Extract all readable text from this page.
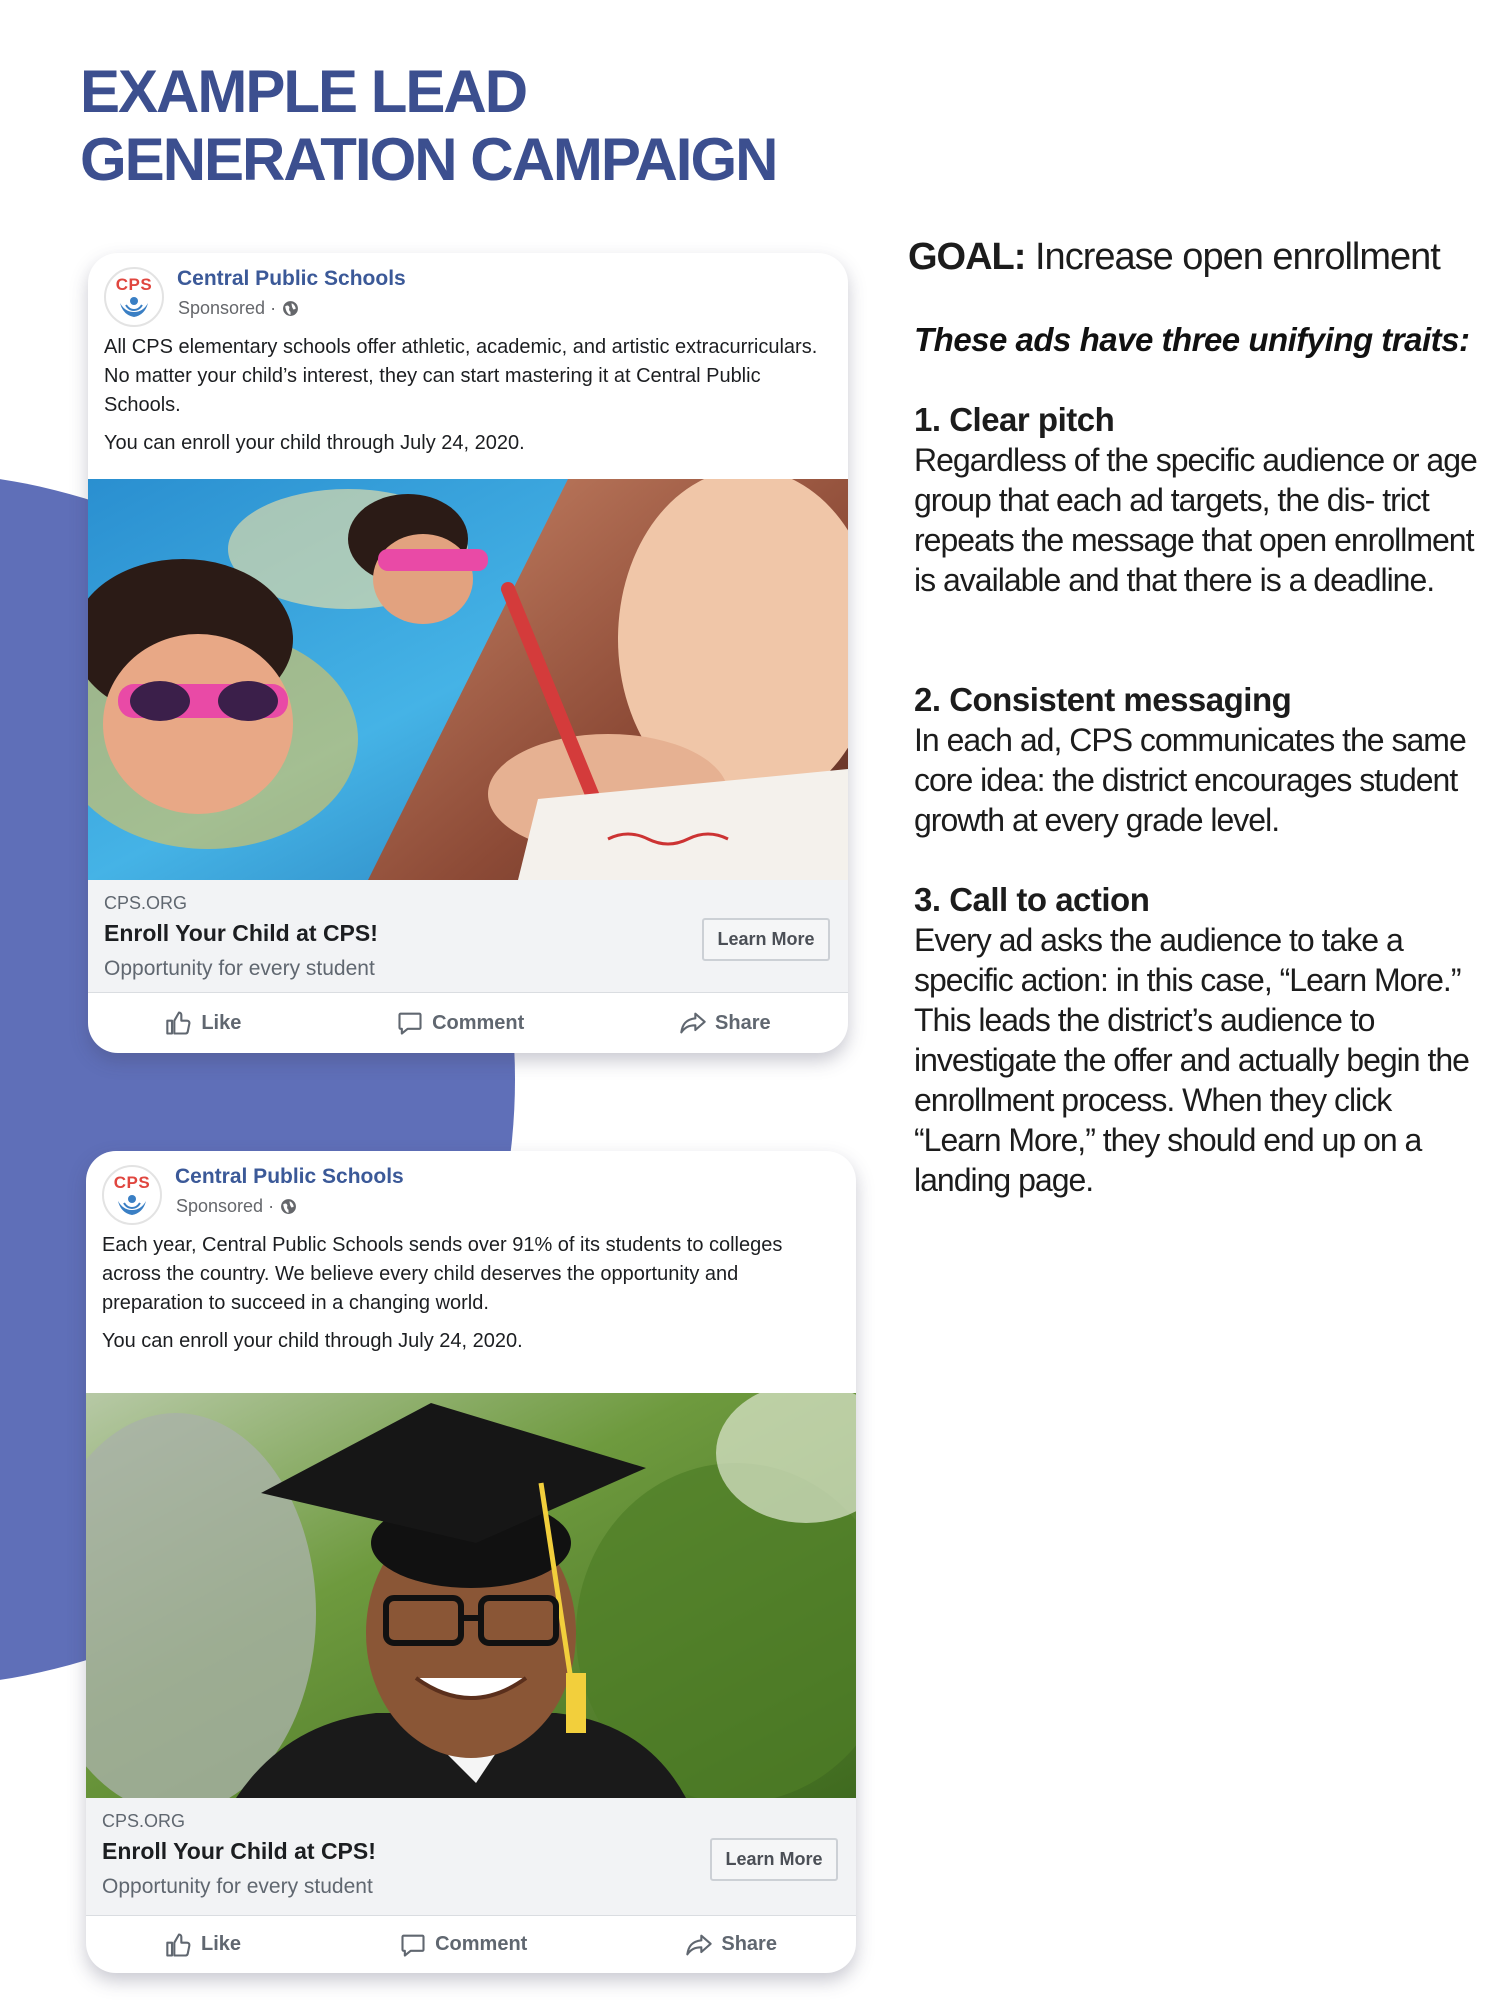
EXAMPLE LEAD
GENERATION CAMPAIGN
CPS Central Public Schools
Sponsored ·

All CPS elementary schools offer athletic, academic, and artistic extracurriculars. No matter your child’s interest, they can start mastering it at Central Public Schools.

You can enroll your child through July 24, 2020.

CPS.ORG
Enroll Your Child at CPS!
Opportunity for every student
Learn More
Like	Comment	Share
CPS Central Public Schools
Sponsored ·

Each year, Central Public Schools sends over 91% of its students to colleges across the country. We believe every child deserves the opportunity and preparation to succeed in a changing world.

You can enroll your child through July 24, 2020.

CPS.ORG
Enroll Your Child at CPS!
Opportunity for every student
Learn More
Like	Comment	Share
GOAL: Increase open enrollment
These ads have three unifying traits:
1. Clear pitch
Regardless of the specific audience or age group that each ad targets, the dis- trict repeats the message that open enrollment is available and that there is a deadline.
2. Consistent messaging
In each ad, CPS communicates the same core idea: the district encourages student growth at every grade level.
3. Call to action
Every ad asks the audience to take a specific action: in this case, “Learn More.” This leads the district’s audience to investigate the offer and actually begin the enrollment process. When they click “Learn More,” they should end up on a landing page.
